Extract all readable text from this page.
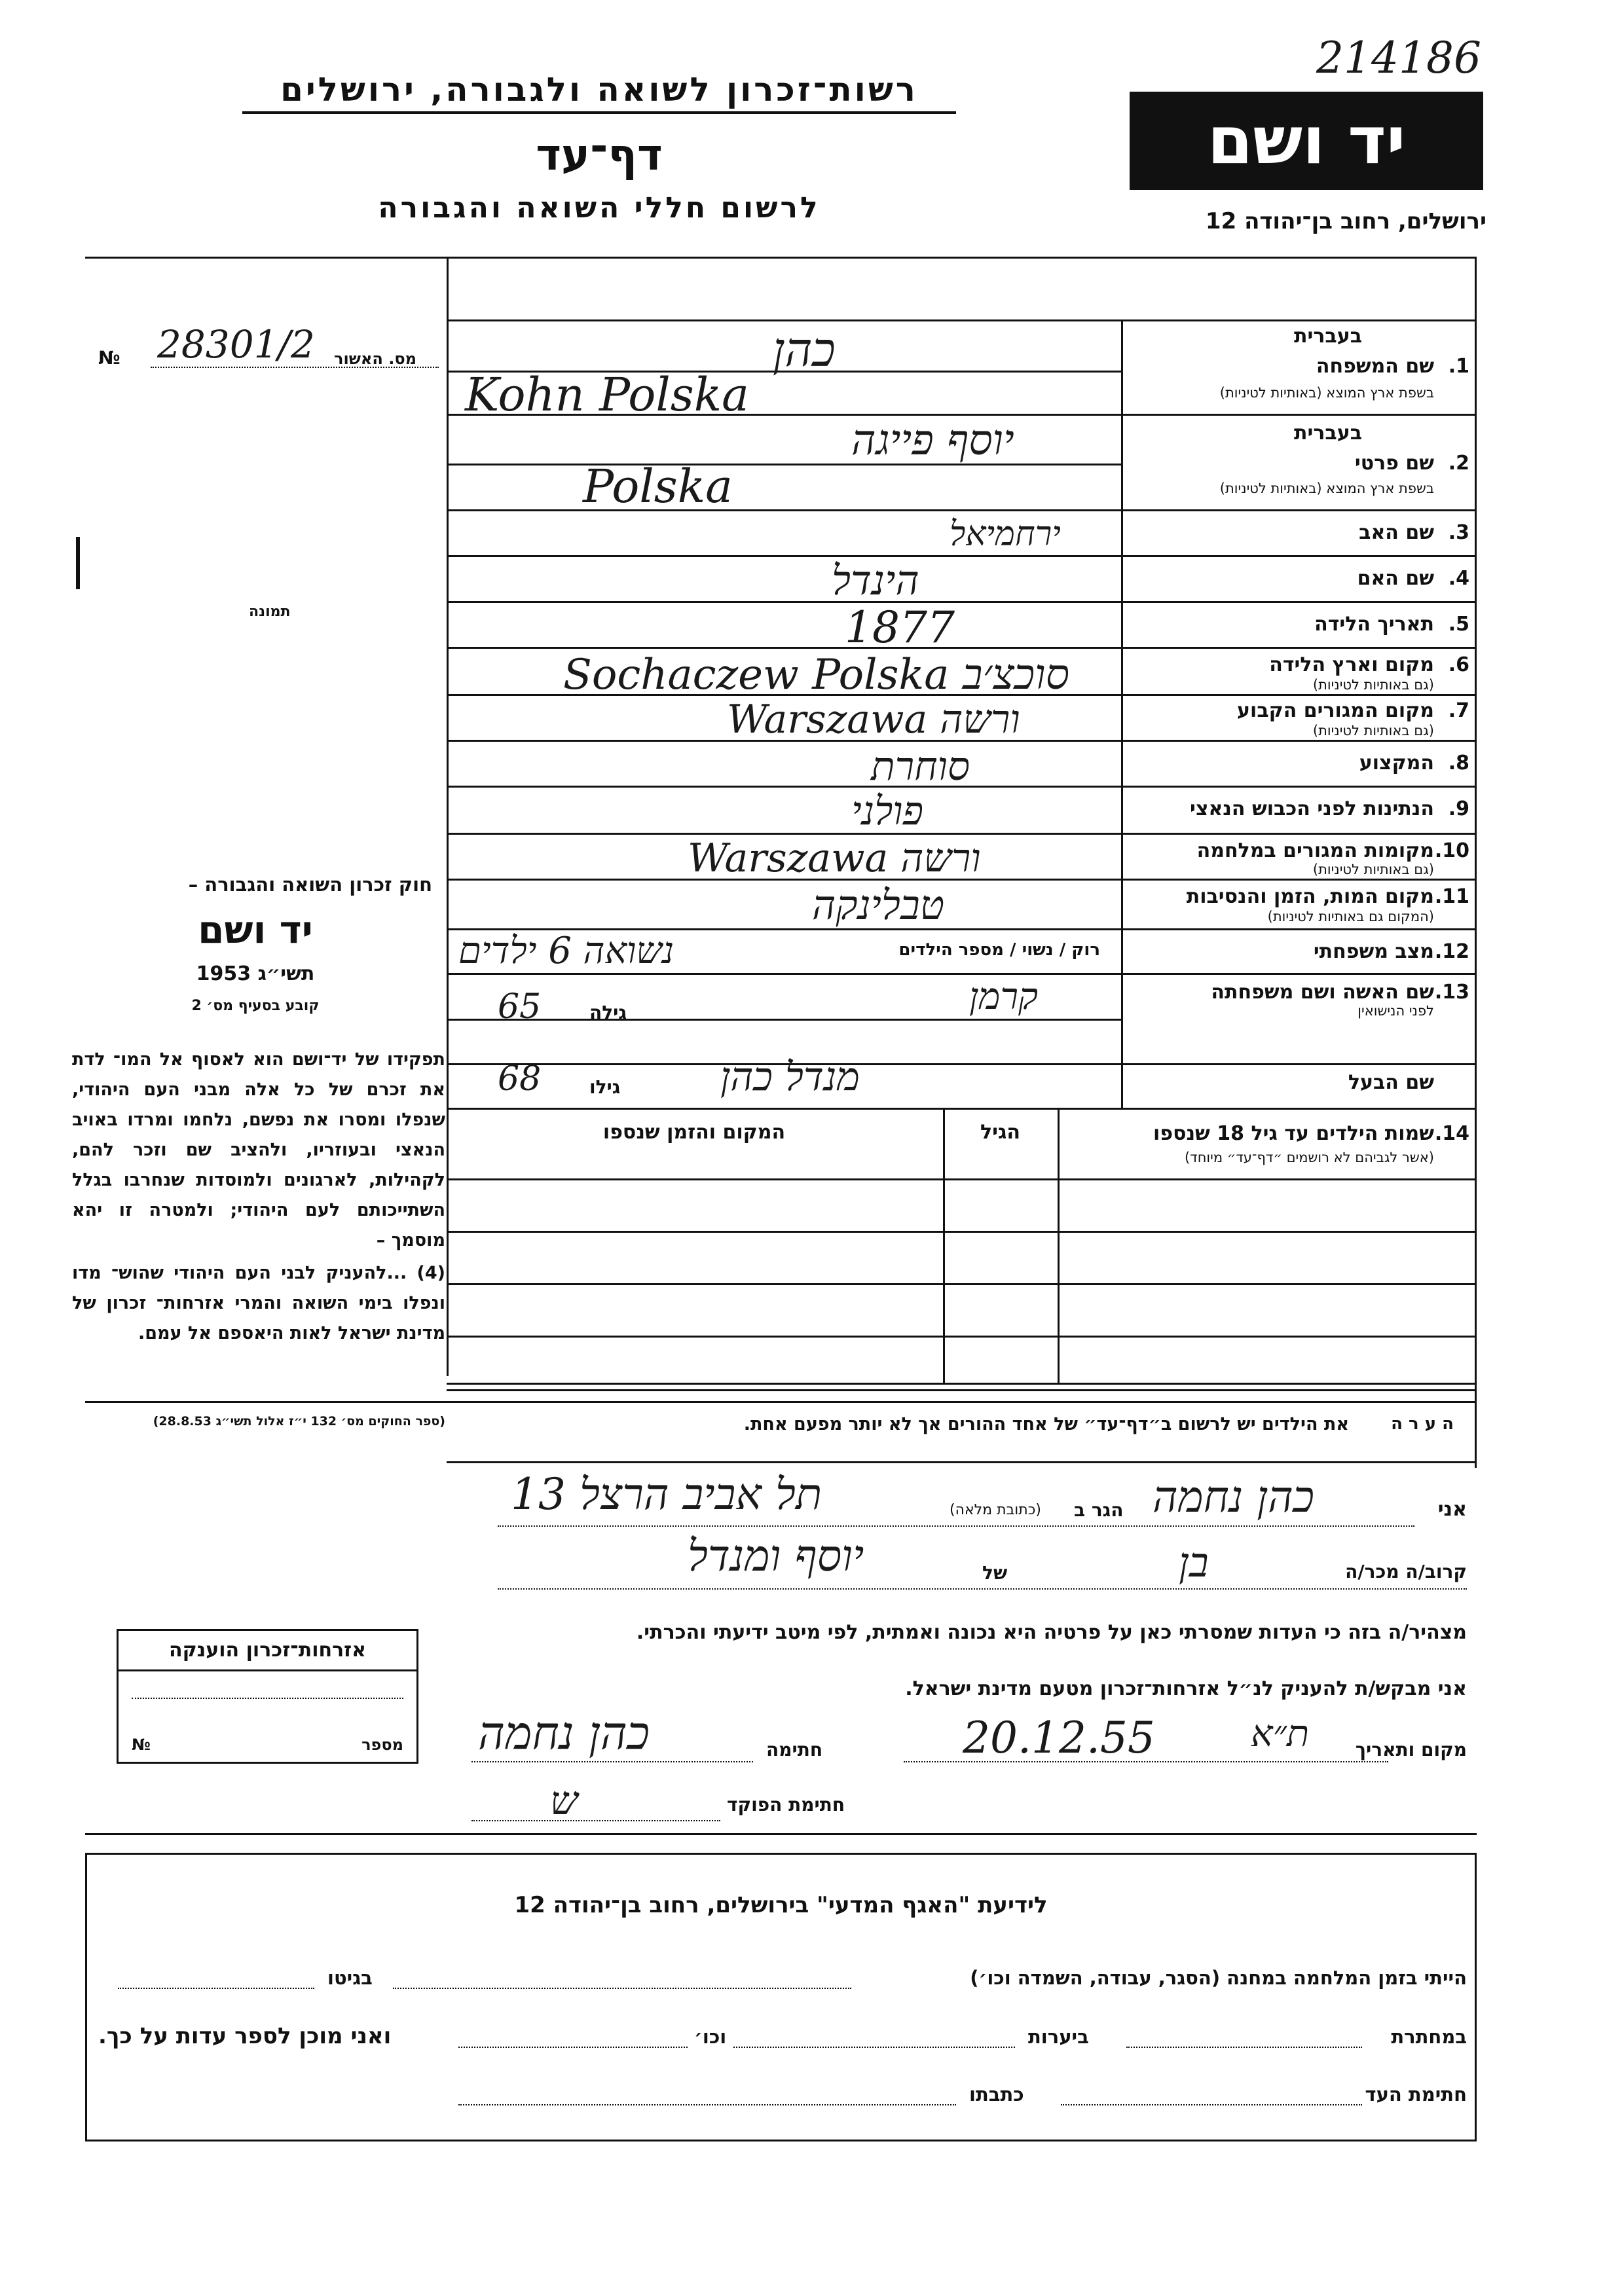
214186
רשות־זכרון לשואה ולגבורה, ירושלים
דף־עד
לרשום חללי השואה והגבורה
יד ושם
ירושלים, רחוב בן־יהודה 12
בעברית
1.
שם המשפחה
בשפת ארץ המוצא (באותיות לטיניות)
בעברית
2.
שם פרטי
בשפת ארץ המוצא (באותיות לטיניות)
3.
שם האב
4.
שם האם
5.
תאריך הלידה
6.
מקום וארץ הלידה
(גם באותיות לטיניות)
7.
מקום המגורים הקבוע
(גם באותיות לטיניות)
8.
המקצוע
9.
הנתינות לפני הכבוש הנאצי
10.
מקומות המגורים במלחמה
(גם באותיות לטיניות)
11.
מקום המות, הזמן והנסיבות
(המקום גם באותיות לטיניות)
12.
מצב משפחתי
13.
שם האשה ושם משפחתה
לפני הנישואין
שם הבעל
כהן
Kohn Polska
יוסף פייגה
Polska
ירחמיאל
הינדל
1877
Sochaczew Polska סוכצ׳ב
Warszawa ורשה
סוחרת
פולני
Warszawa ורשה
טבלינקה
רוק / נשוי / מספר הילדים
נשואה 6 ילדים
קרמן
גילה
65
מנדל כהן
גילו
68
14.
שמות הילדים עד גיל 18 שנספו
(אשר לגביהם לא רושמים ״דף־עד״ מיוחד)
הגיל
המקום והזמן שנספו
№ 28301/2 מס. האשור
תמונה
חוק זכרון השואה והגבורה –
יד ושם
תשי״ג 1953
קובע בסעיף מס׳ 2
תפקידו של יד־ושם הוא לאסוף אל המו־ לדת את זכרם של כל אלה מבני העם היהודי, שנפלו ומסרו את נפשם, נלחמו ומרדו באויב הנאצי ובעוזריו, ולהציב שם וזכר להם, לקהילות, לארגונים ולמוסדות שנחרבו בגלל השתייכותם לעם היהודי; ולמטרה זו יהא מוסמך –
(4) ...להעניק לבני העם היהודי שהוש־ מדו ונפלו בימי השואה והמרי אזרחות־ זכרון של מדינת ישראל לאות היאספם אל עמם.
(ספר החוקים מס׳ 132 י״ז אלול תשי״ג 28.8.53)	ה ע ר ה
את הילדים יש לרשום ב״דף־עד״ של אחד ההורים אך לא יותר מפעם אחת.
אני
כהן נחמה
הגר ב
(כתובת מלאה)
תל אביב הרצל 13
קרוב/ה מכר/ה
בן
של
יוסף ומנדל
מצהיר/ה בזה כי העדות שמסרתי כאן על פרטיה היא נכונה ואמתית, לפי מיטב ידיעתי והכרתי.
אני מבקש/ת להעניק לנ״ל אזרחות־זכרון מטעם מדינת ישראל.
מקום ותאריך
ת״א
20.12.55
חתימה
כהן נחמה
חתימת הפוקד
ש
אזרחות־זכרון הוענקה
מספר
№
לידיעת "האגף המדעי" בירושלים, רחוב בן־יהודה 12
הייתי בזמן המלחמה במחנה (הסגר, עבודה, השמדה וכו׳)
בגיטו
במחתרת
ביערות
וכו׳
ואני מוכן לספר עדות על כך.
חתימת העד
כתבתו
